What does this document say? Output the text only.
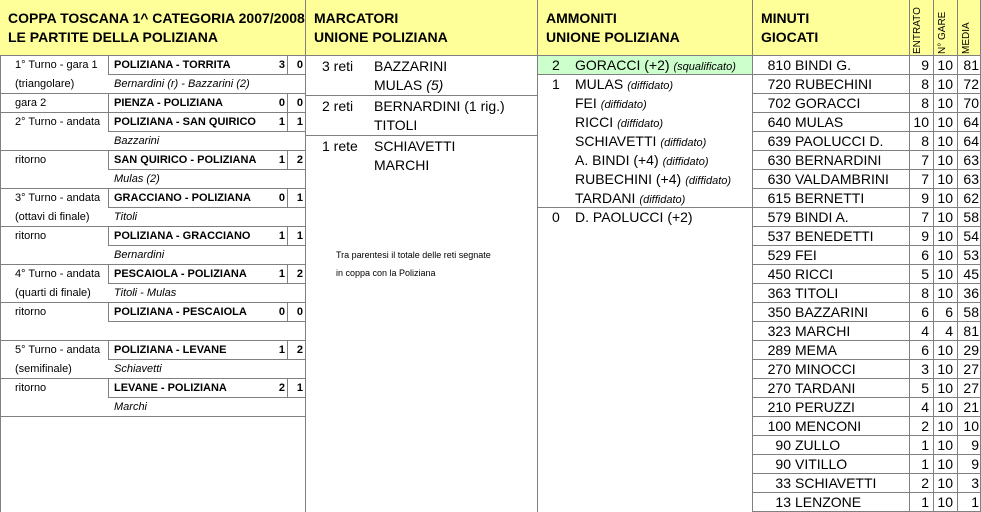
COPPA TOSCANA 1^ CATEGORIA 2007/2008
LE PARTITE DELLA POLIZIANA
MARCATORI
UNIONE POLIZIANA
AMMONITI
UNIONE POLIZIANA
MINUTI
GIOCATI	ENTRATO N° GARE MEDIA
1° Turno - gara 1
(triangolare)
POLIZIANA - TORRITA	3	0
Bernardini (r) - Bazzarini (2)
gara 2	PIENZA - POLIZIANA	0	0
2° Turno - andata POLIZIANA - SAN QUIRICO	1	1
Bazzarini
ritorno	SAN QUIRICO - POLIZIANA	1	2
Mulas (2)
3° Turno - andata
(ottavi di finale)
GRACCIANO - POLIZIANA	0	1
Titoli
ritorno	POLIZIANA - GRACCIANO	1	1
Bernardini
4° Turno - andata
(quarti di finale)
PESCAIOLA - POLIZIANA	1	2
Titoli - Mulas
ritorno	POLIZIANA - PESCAIOLA	0	0
5° Turno - andata
(semifinale)
POLIZIANA - LEVANE	1	2
Schiavetti
ritorno	LEVANE - POLIZIANA	2	1
Marchi
3 reti BAZZARINI
MULAS (5)
2 reti BERNARDINI (1 rig.)
TITOLI
1 rete SCHIAVETTI
MARCHI
Tra parentesi il totale delle reti segnate
in coppa con la Poliziana
2 GORACCI (+2) (squalificato)
1 MULAS (diffidato)
FEI (diffidato)
RICCI (diffidato)
SCHIAVETTI (diffidato)
A. BINDI (+4) (diffidato)
RUBECHINI (+4) (diffidato)
TARDANI (diffidato)
0 D. PAOLUCCI (+2)
810 BINDI G.	9 10 81
720 RUBECHINI	8 10 72
702 GORACCI	8 10 70
640 MULAS	10 10 64
639 PAOLUCCI D.	8 10 64
630 BERNARDINI	7 10 63
630 VALDAMBRINI	7 10 63
615 BERNETTI	9 10 62
579 BINDI A.	7 10 58
537 BENEDETTI	9 10 54
529 FEI	6 10 53
450 RICCI	5 10 45
363 TITOLI	8 10 36
350 BAZZARINI	6	6 58
323 MARCHI	4	4 81
289 MEMA	6 10 29
270 MINOCCI	3 10 27
270 TARDANI	5 10 27
210 PERUZZI	4 10 21
100 MENCONI	2 10 10
90 ZULLO	1 10	9
90 VITILLO	1 10	9
33 SCHIAVETTI	2 10	3
13 LENZONE	1 10	1
